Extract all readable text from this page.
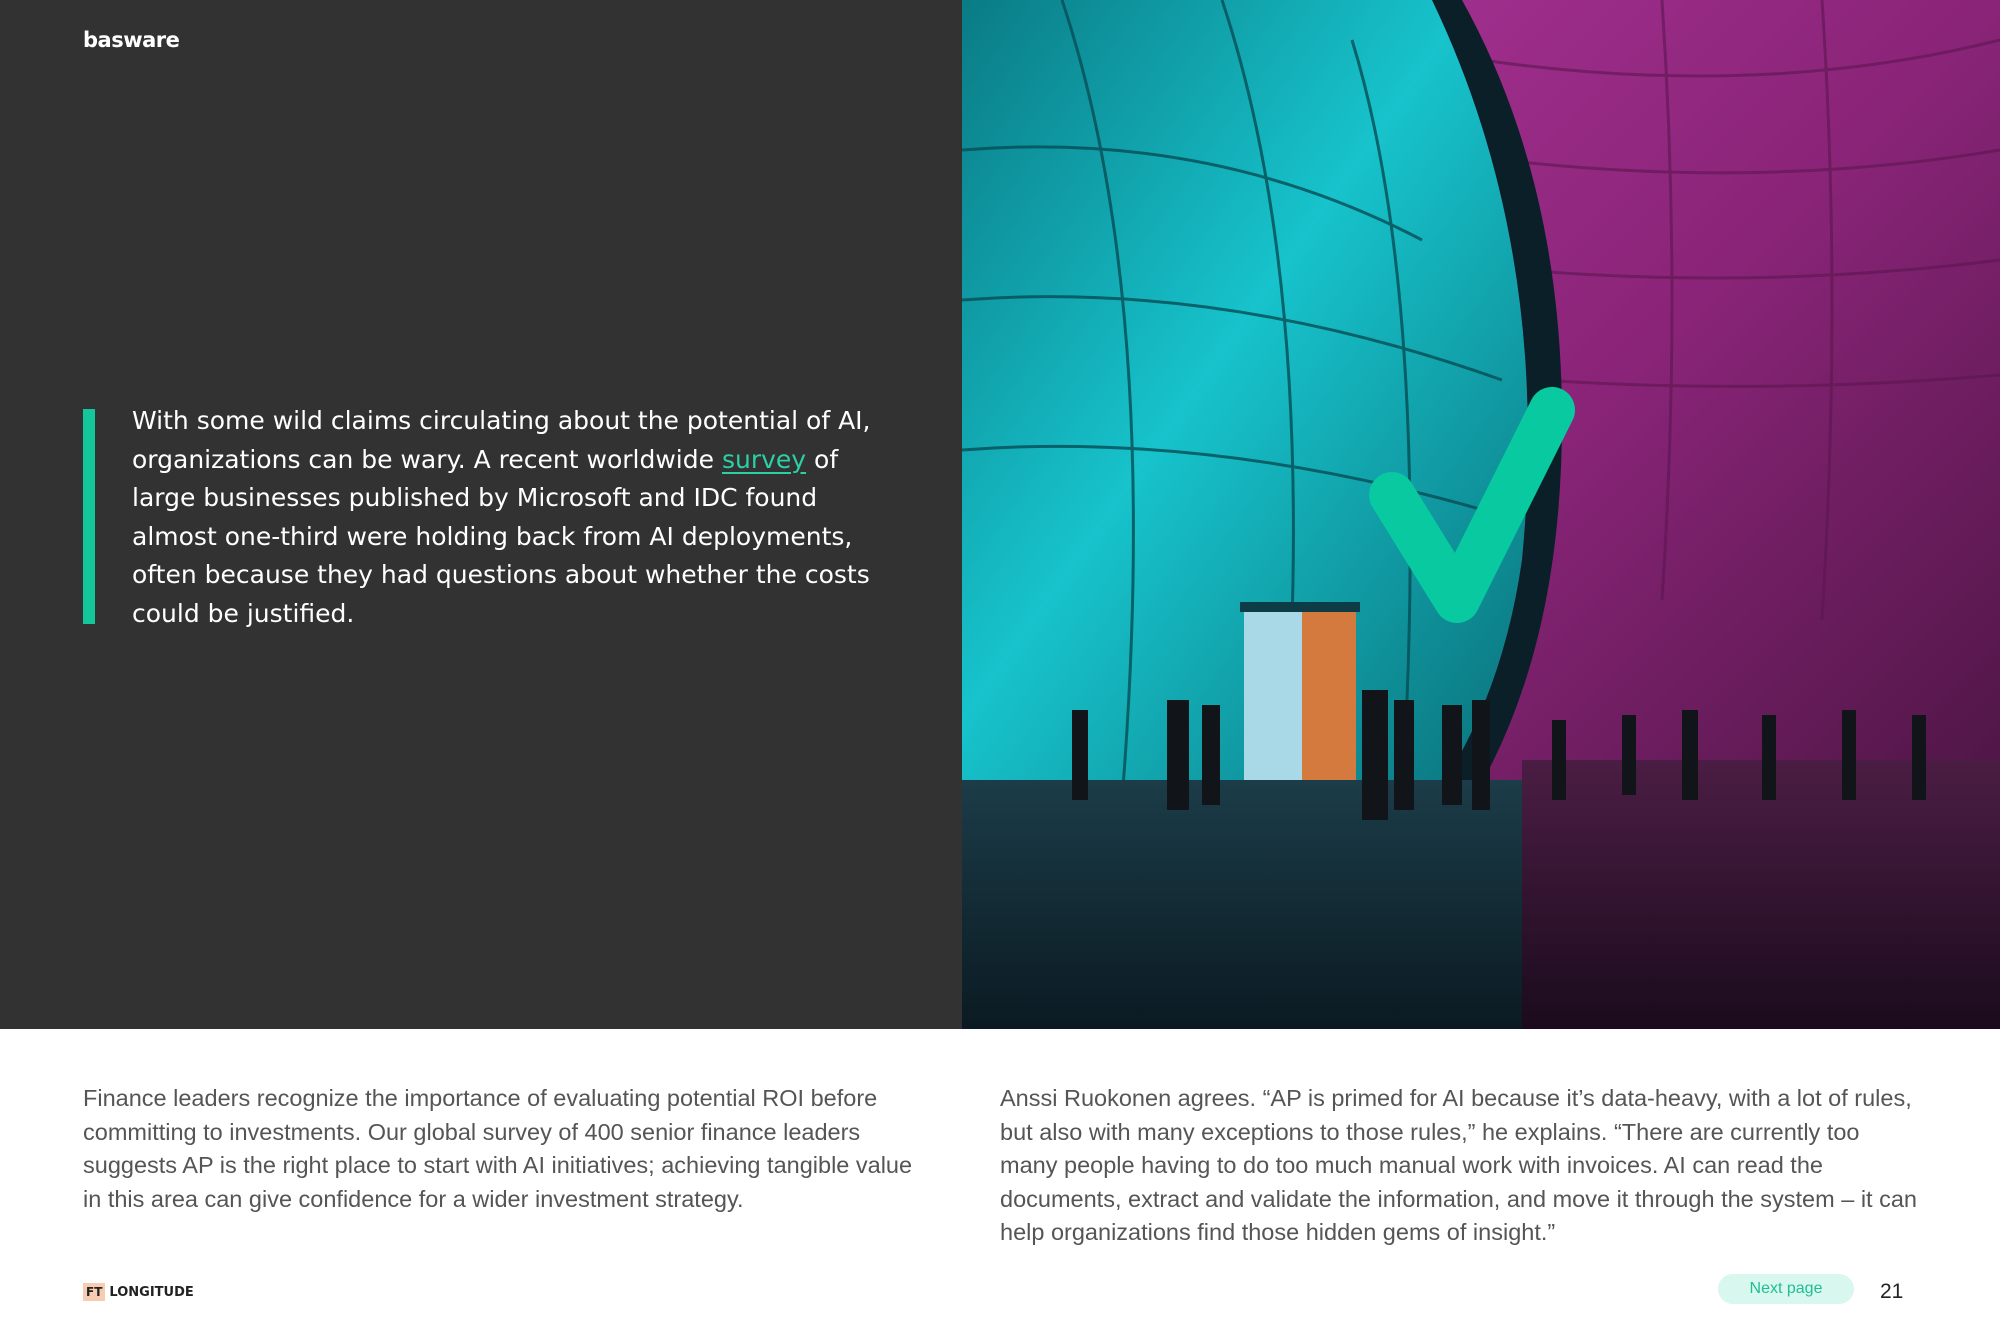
basware

With some wild claims circulating about the potential of AI, organizations can be wary. A recent worldwide survey of large businesses published by Microsoft and IDC found almost one-third were holding back from AI deployments, often because they had questions about whether the costs could be justified.

Finance leaders recognize the importance of evaluating potential ROI before committing to investments. Our global survey of 400 senior finance leaders suggests AP is the right place to start with AI initiatives; achieving tangible value in this area can give confidence for a wider investment strategy.

Anssi Ruokonen agrees. “AP is primed for AI because it’s data-heavy, with a lot of rules, but also with many exceptions to those rules,” he explains. “There are currently too many people having to do too much manual work with invoices. AI can read the documents, extract and validate the information, and move it through the system – it can help organizations find those hidden gems of insight.”

FT LONGITUDE	Next page	21
